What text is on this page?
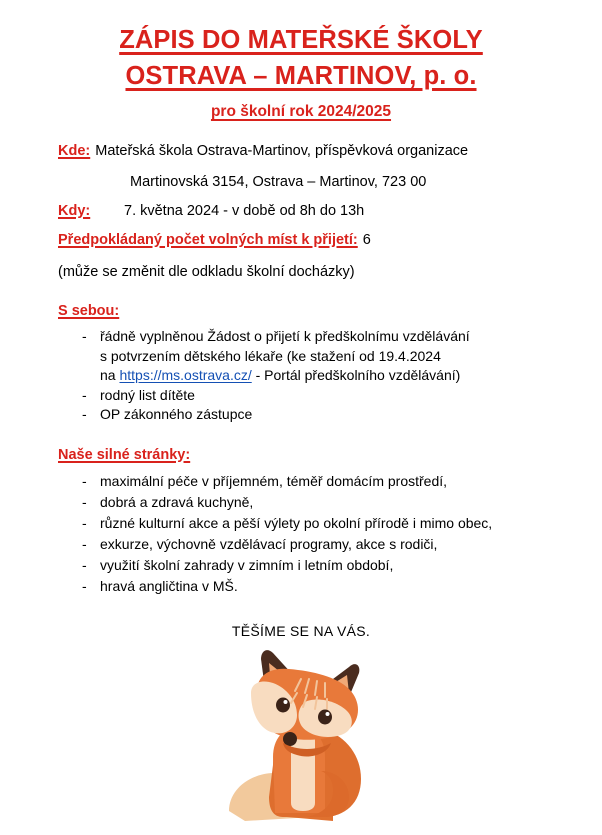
ZÁPIS DO MATEŘSKÉ ŠKOLY
OSTRAVA – MARTINOV, p. o.
pro školní rok 2024/2025
Kde: Mateřská škola Ostrava-Martinov, příspěvková organizace
Martinovská 3154, Ostrava – Martinov, 723 00
Kdy: 7. května 2024 - v době od 8h do 13h
Předpokládaný počet volných míst k přijetí: 6
(může se změnit dle odkladu školní docházky)
S sebou:
- řádně vyplněnou Žádost o přijetí k předškolnímu vzdělávání
s potvrzením dětského lékaře (ke stažení od 19.4.2024
na https://ms.ostrava.cz/ - Portál předškolního vzdělávání)
- rodný list dítěte
- OP zákonného zástupce
Naše silné stránky:
- maximální péče v příjemném, téměř domácím prostředí,
- dobrá a zdravá kuchyně,
- různé kulturní akce a pěší výlety po okolní přírodě i mimo obec,
- exkurze, výchovně vzdělávací programy, akce s rodiči,
- využití školní zahrady v zimním i letním období,
- hravá angličtina v MŠ.
TĚŠÍME SE NA VÁS.
